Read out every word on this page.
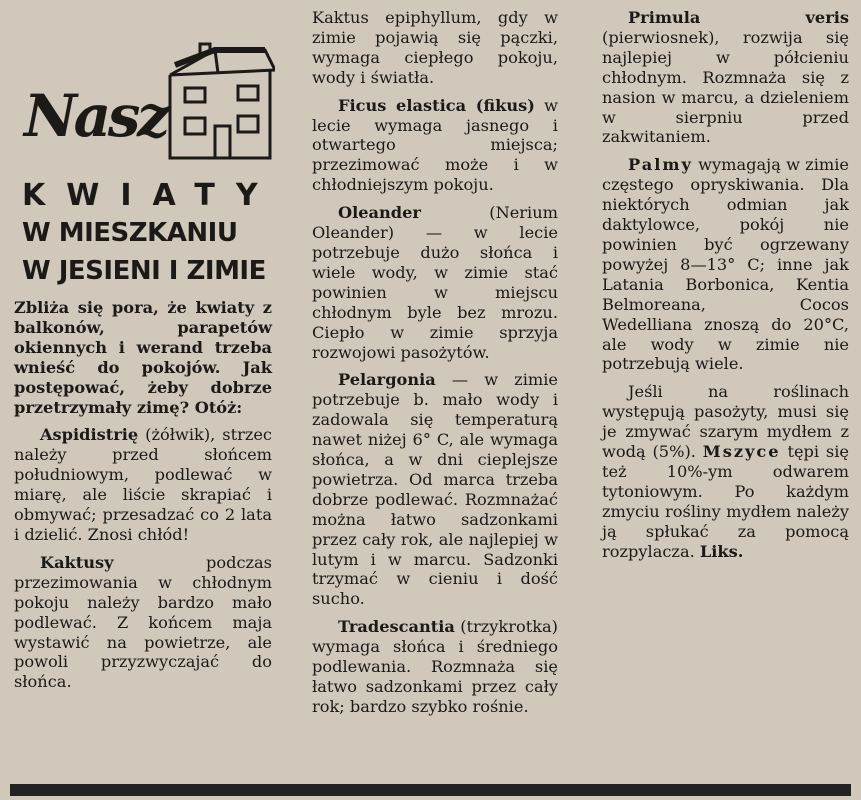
Nasz
KWIATY
W MIESZKANIU
W JESIENI I ZIMIE

Zbliża się pora, że kwiaty z balkonów, parapetów okiennych i werand trzeba wnieść do pokojów. Jak postępować, żeby dobrze przetrzymały zimę? Otóż:

Aspidistrię (żółwik), strzec należy przed słońcem południowym, podlewać w miarę, ale liście skrapiać i obmywać; przesadzać co 2 lata i dzielić. Znosi chłód!

Kaktusy	podczas przezimowania w chłodnym pokoju należy bardzo mało podlewać. Z końcem maja wystawić na powietrze, ale powoli przyzwyczajać do słońca.

Kaktus epiphyllum, gdy w zimie pojawią się pączki, wymaga ciepłego pokoju, wody i światła.

Ficus elastica (fikus) w lecie wymaga jasnego i otwartego miejsca; przezimować może i w chłodniejszym pokoju.

Oleander	(Nerium Oleander) — w lecie potrzebuje dużo słońca i wiele wody, w zimie stać powinien w miejscu chłodnym byle bez mrozu. Ciepło w zimie sprzyja rozwojowi pasożytów.

Pelargonia — w zimie potrzebuje b. mało wody i zadowala się temperaturą nawet niżej 6° C, ale wymaga słońca, a w dni cieplejsze powietrza. Od marca trzeba dobrze podlewać. Rozmnażać można łatwo sadzonkami przez cały rok, ale najlepiej w lutym i w marcu. Sadzonki trzymać w cieniu i dość sucho.

Tradescantia (trzykrotka) wymaga słońca i średniego podlewania. Rozmnaża się łatwo sadzonkami przez cały rok; bardzo szybko rośnie.

Primula veris (pierwiosnek), rozwija się najlepiej w półcieniu chłodnym. Rozmnaża się z nasion w marcu, a dzieleniem w sierpniu przed zakwitaniem.

Palmy wymagają w zimie częstego opryskiwania. Dla niektórych odmian jak daktylowce, pokój nie powinien być ogrzewany powyżej 8—13° C; inne jak Latania Borbonica, Kentia Belmoreana, Cocos Wedelliana znoszą do 20°C, ale wody w zimie nie potrzebują wiele.

Jeśli na roślinach występują pasożyty, musi się je zmywać szarym mydłem z wodą (5%). Mszyce tępi się też 10%-ym odwarem tytoniowym. Po każdym zmyciu rośliny mydłem należy ją spłukać za pomocą rozpylacza. Liks.
